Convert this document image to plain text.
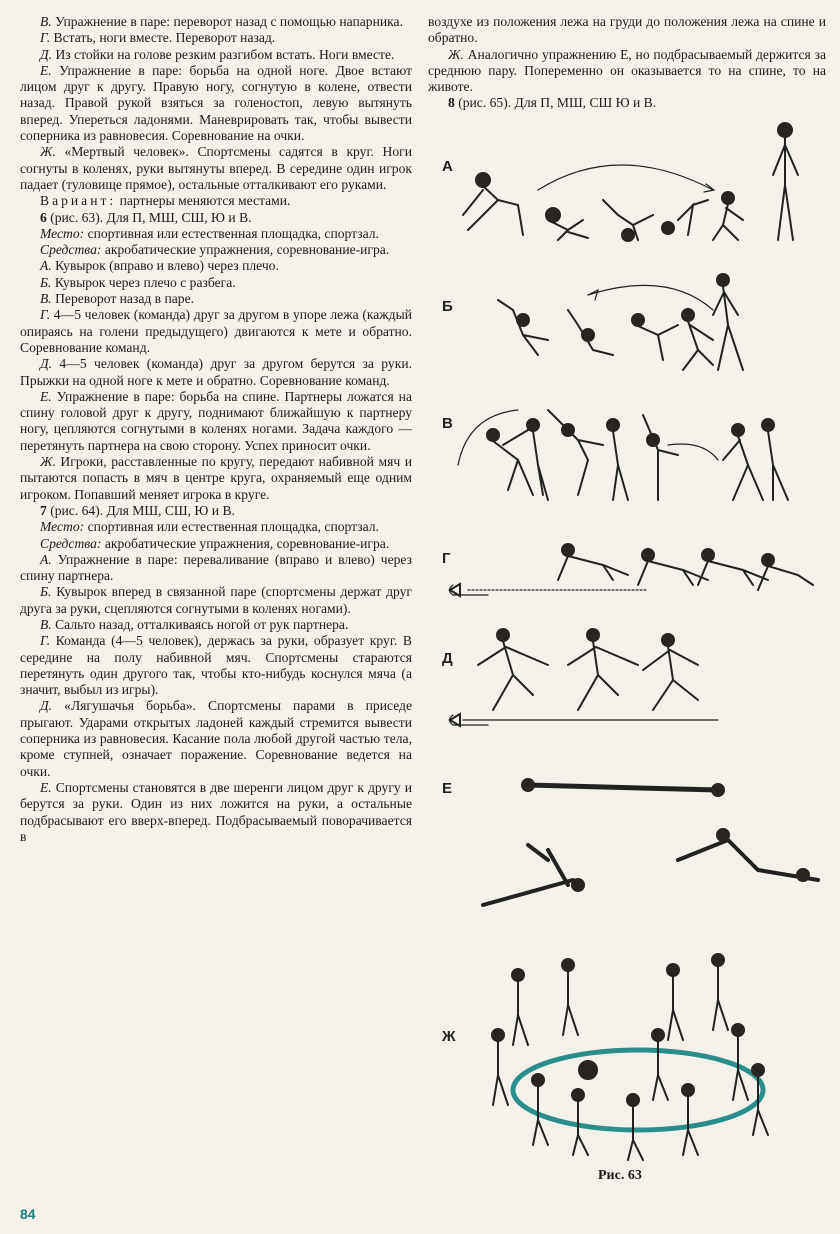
В. Упражнение в паре: переворот назад с помощью напарника.

Г. Встать, ноги вместе. Переворот назад.

Д. Из стойки на голове резким разгибом встать. Ноги вместе.

Е. Упражнение в паре: борьба на одной ноге. Двое встают лицом друг к другу. Правую ногу, согнутую в колене, отвести назад. Правой рукой взяться за голеностоп, левую вытянуть вперед. Упереться ладонями. Маневрировать так, чтобы вывести соперника из равновесия. Соревнование на очки.

Ж. «Мертвый человек». Спортсмены садятся в круг. Ноги согнуты в коленях, руки вытянуты вперед. В середине один игрок падает (туловище прямое), остальные отталкивают его руками.

Вариант: партнеры меняются местами.

6 (рис. 63). Для П, МШ, СШ, Ю и В.

Место: спортивная или естественная площадка, спортзал.

Средства: акробатические упражнения, соревнование-игра.

А. Кувырок (вправо и влево) через плечо.

Б. Кувырок через плечо с разбега.

В. Переворот назад в паре.

Г. 4—5 человек (команда) друг за другом в упоре лежа (каждый опираясь на голени предыдущего) двигаются к мете и обратно. Соревнование команд.

Д. 4—5 человек (команда) друг за другом берутся за руки. Прыжки на одной ноге к мете и обратно. Соревнование команд.

Е. Упражнение в паре: борьба на спине. Партнеры ложатся на спину головой друг к другу, поднимают ближайшую к партнеру ногу, цепляются согнутыми в коленях ногами. Задача каждого — перетянуть партнера на свою сторону. Успех приносит очки.

Ж. Игроки, расставленные по кругу, передают набивной мяч и пытаются попасть в мяч в центре круга, охраняемый еще одним игроком. Попавший меняет игрока в круге.

7 (рис. 64). Для МШ, СШ, Ю и В.

Место: спортивная или естественная площадка, спортзал.

Средства: акробатические упражнения, соревнование-игра.

А. Упражнение в паре: переваливание (вправо и влево) через спину партнера.

Б. Кувырок вперед в связанной паре (спортсмены держат друг друга за руки, сцепляются согнутыми в коленях ногами).

В. Сальто назад, отталкиваясь ногой от рук партнера.

Г. Команда (4—5 человек), держась за руки, образует круг. В середине на полу набивной мяч. Спортсмены стараются перетянуть один другого так, чтобы кто-нибудь коснулся мяча (а значит, выбыл из игры).

Д. «Лягушачья борьба». Спортсмены парами в приседе прыгают. Ударами открытых ладоней каждый стремится вывести соперника из равновесия. Касание пола любой другой частью тела, кроме ступней, означает поражение. Соревнование ведется на очки.

Е. Спортсмены становятся в две шеренги лицом друг к другу и берутся за руки. Один из них ложится на руки, а остальные подбрасывают его вверх-вперед. Подбрасываемый поворачивается в

воздухе из положения лежа на груди до положения лежа на спине и обратно.

Ж. Аналогично упражнению Е, но подбрасываемый держится за среднюю пару. Попеременно он оказывается то на спине, то на животе.

8 (рис. 65). Для П, МШ, СШ Ю и В.

А
Б
В
Г
Д
Е
Ж
Рис. 63
84
